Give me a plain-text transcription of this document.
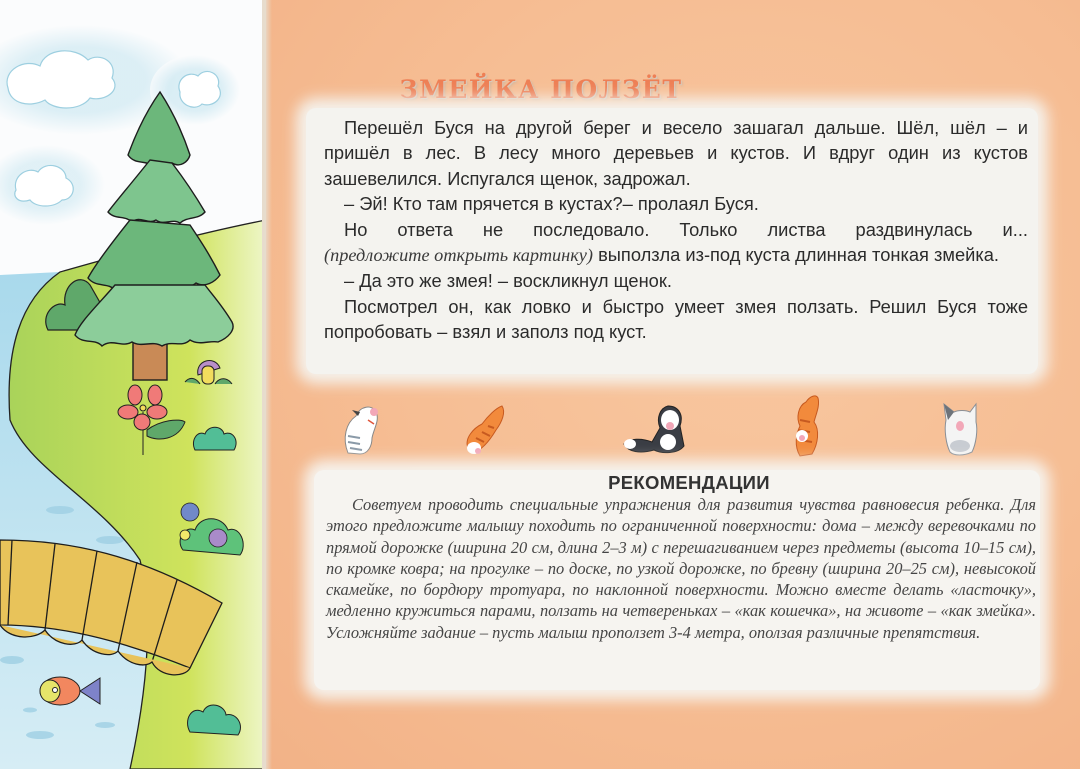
ЗМЕЙКА ПОЛЗЁТ

Перешёл Буся на другой берег и весело зашагал дальше. Шёл, шёл – и пришёл в лес. В лесу много деревьев и кустов. И вдруг один из кустов зашевелился. Испугался щенок, задрожал.

– Эй! Кто там прячется в кустах?– пролаял Буся.

Но ответа не последовало. Только листва раздвинулась и...

(предложите открыть картинку) выползла из-под куста длинная тонкая змейка.

– Да это же змея! – воскликнул щенок.

Посмотрел он, как ловко и быстро умеет змея ползать. Решил Буся тоже попробовать – взял и заполз под куст.

РЕКОМЕНДАЦИИ

Советуем проводить специальные упражнения для развития чувства равновесия ребенка. Для этого предложите малышу походить по ограниченной поверхности: дома – между веревочками по прямой дорожке (ширина 20 см, длина 2–3 м) с перешагиванием через предметы (высота 10–15 см), по кромке ковра; на прогулке – по доске, по узкой дорожке, по бревну (ширина 20–25 см), невысокой скамейке, по бордюру тротуара, по наклонной поверхности. Можно вместе делать «ласточку», медленно кружиться парами, ползать на четвереньках – «как кошечка», на животе – «как змейка». Усложняйте задание – пусть малыш проползет 3-4 метра, оползая различные препятствия.
